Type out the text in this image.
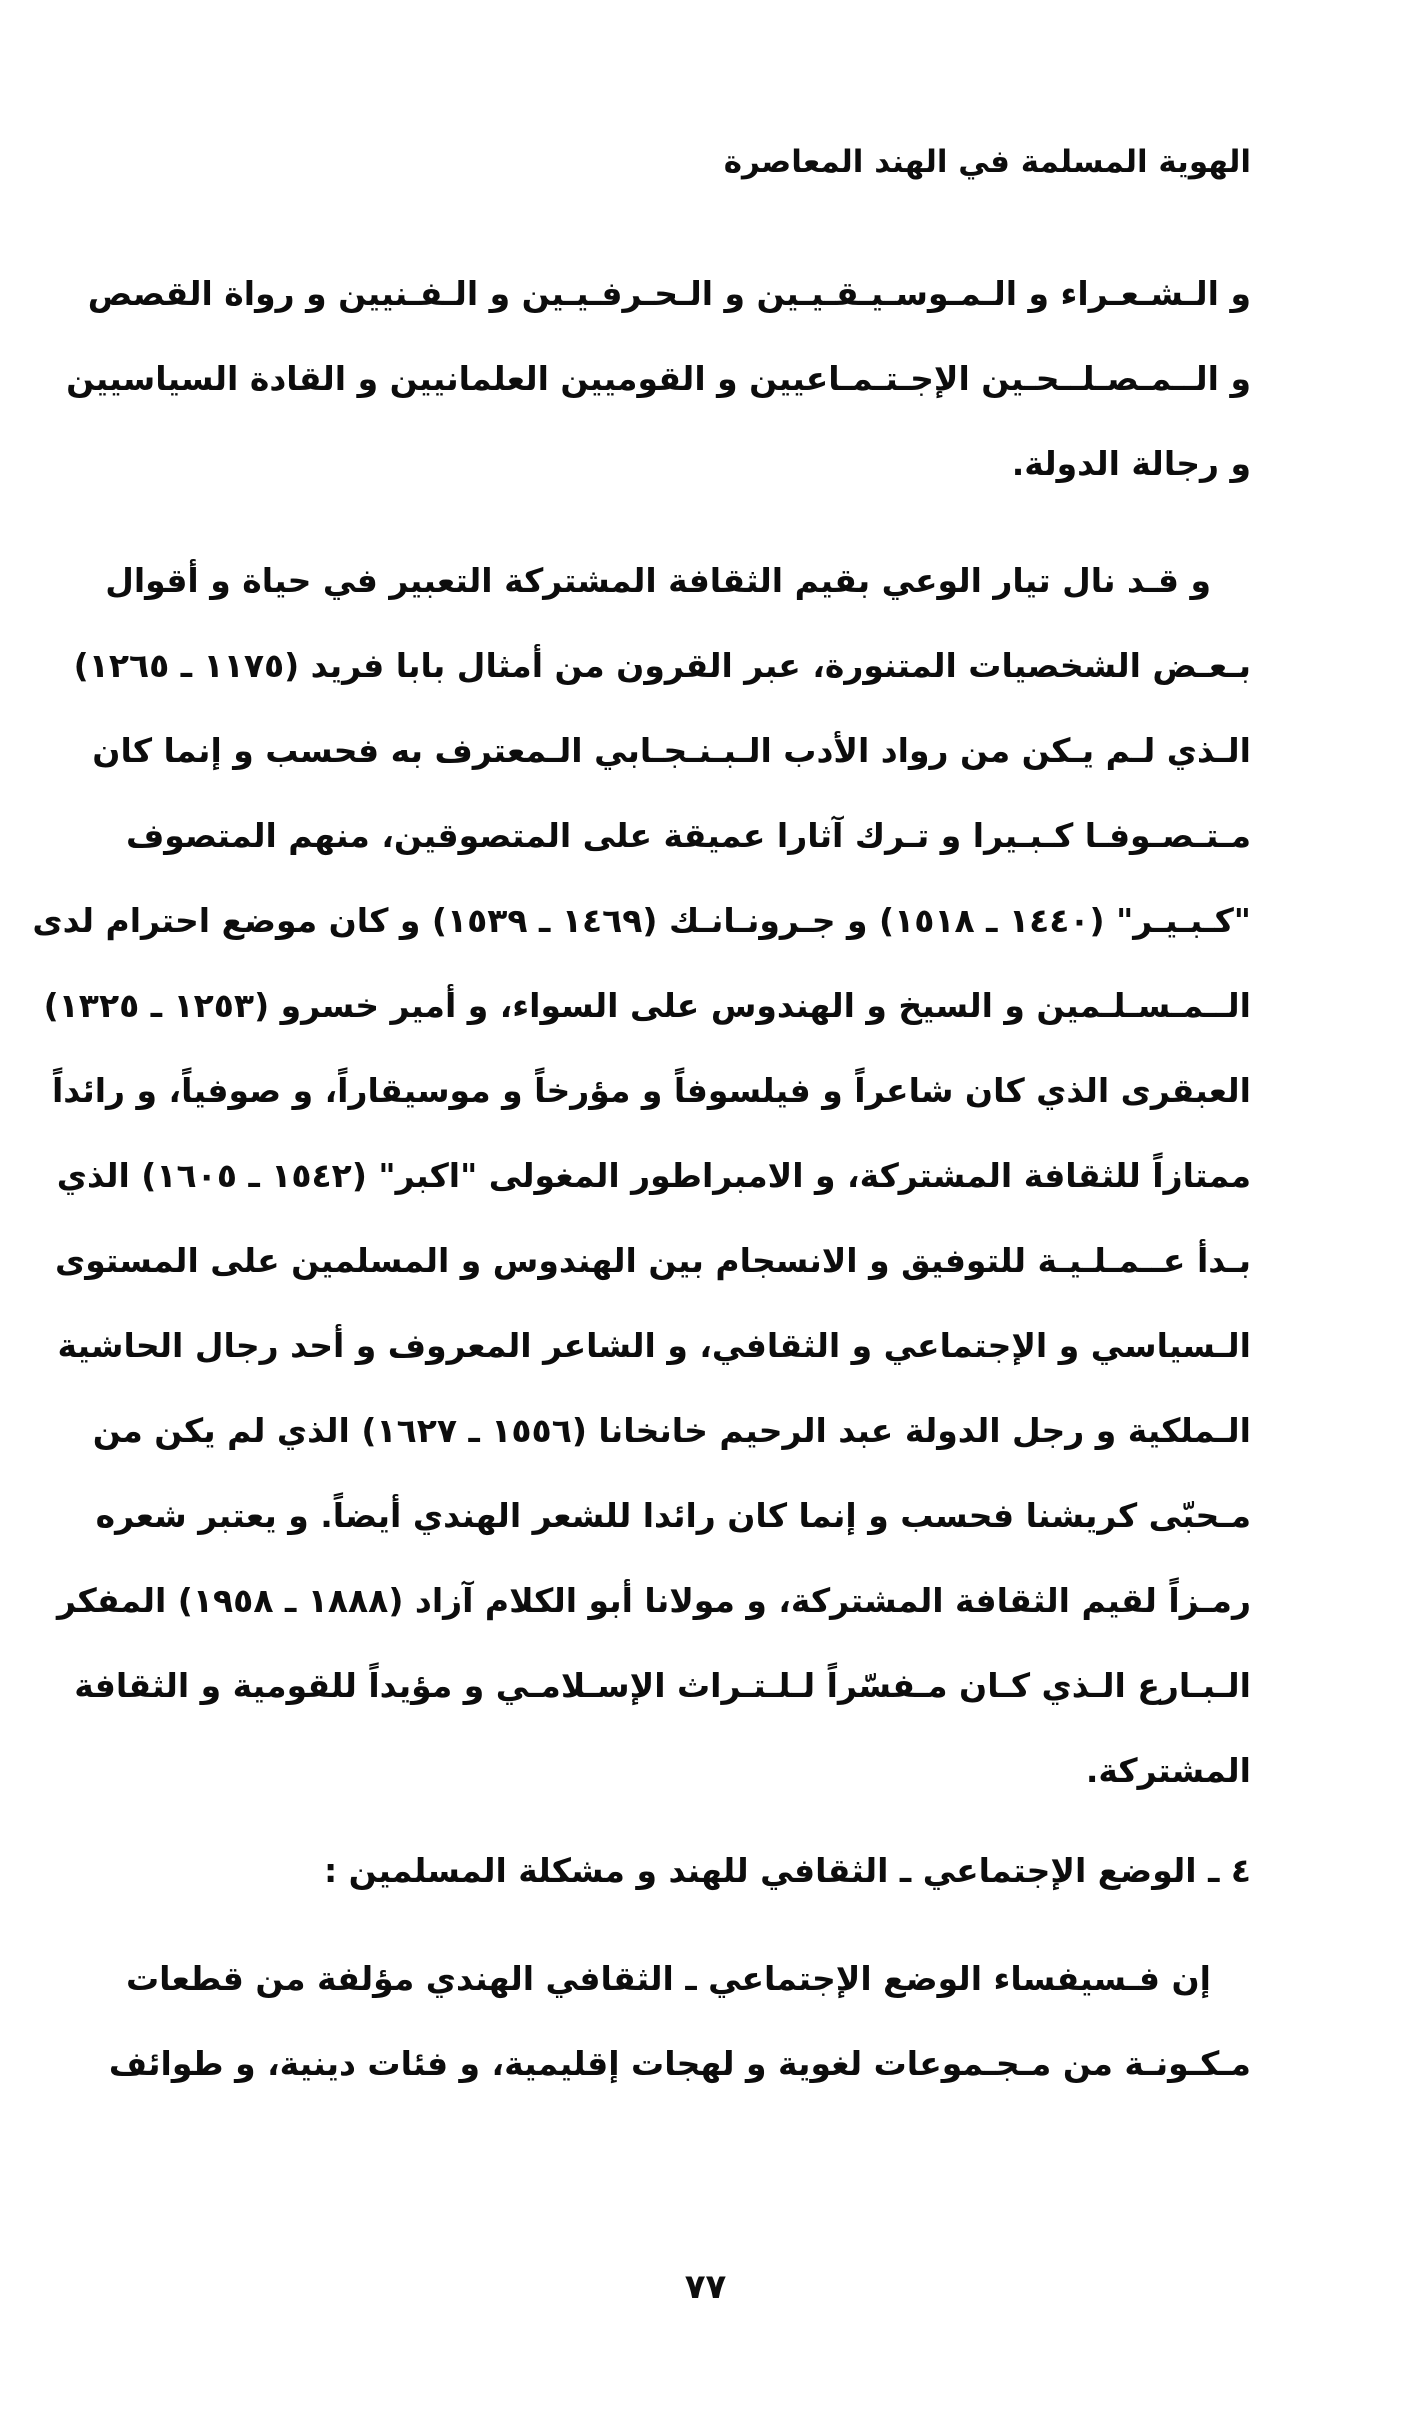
الهوية المسلمة في الهند المعاصرة
و الـشـعـراء و الـمـوسـيـقـيـين و الـحـرفـيـين و الـفـنيين و رواة القصص
و الــمـصـلــحـين الإجـتـمـاعيين و القوميين العلمانيين و القادة السياسيين
و رجالة الدولة.
و قـد نال تيار الوعي بقيم الثقافة المشتركة التعبير في حياة و أقوال
بـعـض الشخصيات المتنورة، عبر القرون من أمثال بابا فريد (١١٧٥ ـ ١٢٦٥)
الـذي لـم يـكن من رواد الأدب الـبـنـجـابي الـمعترف به فحسب و إنما كان
مـتـصـوفـا كـبـيرا و تـرك آثارا عميقة على المتصوقين، منهم المتصوف
"كـبـيـر" (١٤٤٠ ـ ١٥١٨) و جـرونـانـك (١٤٦٩ ـ ١٥٣٩) و كان موضع احترام لدى
الــمـسـلـمين و السيخ و الهندوس على السواء، و أمير خسرو (١٢٥٣ ـ ١٣٢٥)
العبقرى الذي كان شاعراً و فيلسوفاً و مؤرخاً و موسيقاراً، و صوفياً، و رائداً
ممتازاً للثقافة المشتركة، و الامبراطور المغولى "اكبر" (١٥٤٢ ـ ١٦٠٥) الذي
بـدأ عــمـلـيـة للتوفيق و الانسجام بين الهندوس و المسلمين على المستوى
الـسياسي و الإجتماعي و الثقافي، و الشاعر المعروف و أحد رجال الحاشية
الـملكية و رجل الدولة عبد الرحيم خانخانا (١٥٥٦ ـ ١٦٢٧) الذي لم يكن من
مـحبّى كريشنا فحسب و إنما كان رائدا للشعر الهندي أيضاً. و يعتبر شعره
رمـزاً لقيم الثقافة المشتركة، و مولانا أبو الكلام آزاد (١٨٨٨ ـ ١٩٥٨) المفكر
الـبـارع الـذي كـان مـفسّراً لـلـتـراث الإسـلامـي و مؤيداً للقومية و الثقافة
المشتركة.
٤ ـ الوضع الإجتماعي ـ الثقافي للهند و مشكلة المسلمين :
إن فـسيفساء الوضع الإجتماعي ـ الثقافي الهندي مؤلفة من قطعات
مـكـونـة من مـجـموعات لغوية و لهجات إقليمية، و فئات دينية، و طوائف
٧٧
